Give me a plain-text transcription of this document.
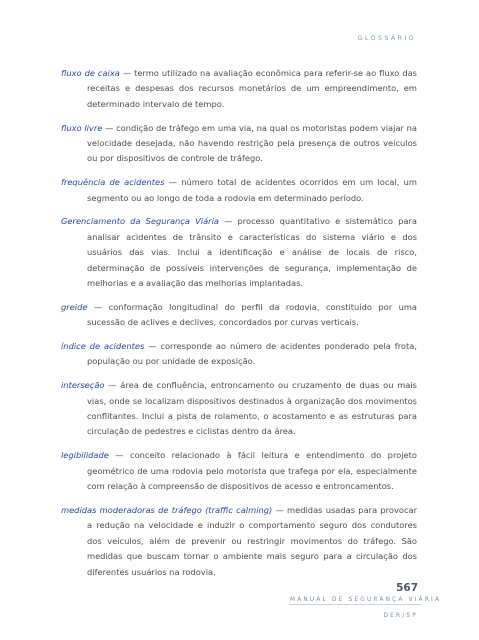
GLOSSÁRIO

fluxo de caixa — termo utilizado na avaliação econômica para referir-se ao fluxo das receitas e despesas dos recursos monetários de um empreendimento, em determinado intervalo de tempo.

fluxo livre — condição de tráfego em uma via, na qual os motoristas podem viajar na velocidade desejada, não havendo restrição pela presença de outros veículos ou por dispositivos de controle de tráfego.

frequência de acidentes — número total de acidentes ocorridos em um local, um segmento ou ao longo de toda a rodovia em determinado período.

Gerenciamento da Segurança Viária — processo quantitativo e sistemático para analisar acidentes de trânsito e características do sistema viário e dos usuários das vias. Inclui a identificação e análise de locais de risco, determinação de possíveis intervenções de segurança, implementação de melhorias e a avaliação das melhorias implantadas.

greide — conformação longitudinal do perfil da rodovia, constituído por uma sucessão de aclives e declives, concordados por curvas verticais.

índice de acidentes — corresponde ao número de acidentes ponderado pela frota, população ou por unidade de exposição.

interseção — área de confluência, entroncamento ou cruzamento de duas ou mais vias, onde se localizam dispositivos destinados à organização dos movimentos conflitantes. Inclui a pista de rolamento, o acostamento e as estruturas para circulação de pedestres e ciclistas dentro da área.

legibilidade — conceito relacionado à fácil leitura e entendimento do projeto geométrico de uma rodovia pelo motorista que trafega por ela, especialmente com relação à compreensão de dispositivos de acesso e entroncamentos.

medidas moderadoras de tráfego (traffic calming) — medidas usadas para provocar a redução na velocidade e induzir o comportamento seguro dos condutores dos veículos, além de prevenir ou restringir movimentos do tráfego. São medidas que buscam tornar o ambiente mais seguro para a circulação dos diferentes usuários na rodovia.

567
MANUAL DE SEGURANÇA VIÁRIA
DER/SP
